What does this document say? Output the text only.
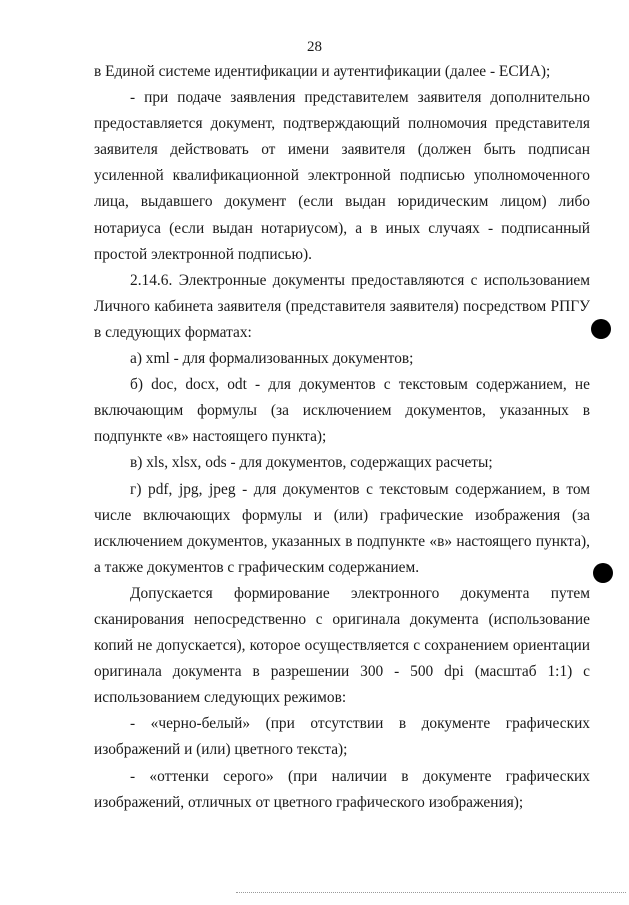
28

в Единой системе идентификации и аутентификации (далее - ЕСИА);

- при подаче заявления представителем заявителя дополнительно предоставляется документ, подтверждающий полномочия представителя заявителя действовать от имени заявителя (должен быть подписан усиленной квалификационной электронной подписью уполномоченного лица, выдавшего документ (если выдан юридическим лицом) либо нотариуса (если выдан нотариусом), а в иных случаях - подписанный простой электронной подписью).

2.14.6. Электронные документы предоставляются с использованием Личного кабинета заявителя (представителя заявителя) посредством РПГУ в следующих форматах:

а) xml - для формализованных документов;

б) doc, docx, odt - для документов с текстовым содержанием, не включающим формулы (за исключением документов, указанных в подпункте «в» настоящего пункта);

в) xls, xlsx, ods - для документов, содержащих расчеты;

г) pdf, jpg, jpeg - для документов с текстовым содержанием, в том числе включающих формулы и (или) графические изображения (за исключением документов, указанных в подпункте «в» настоящего пункта), а также документов с графическим содержанием.

Допускается формирование электронного документа путем сканирования непосредственно с оригинала документа (использование копий не допускается), которое осуществляется с сохранением ориентации оригинала документа в разрешении 300 - 500 dpi (масштаб 1:1) с использованием следующих режимов:

- «черно-белый» (при отсутствии в документе графических изображений и (или) цветного текста);

- «оттенки серого» (при наличии в документе графических изображений, отличных от цветного графического изображения);
